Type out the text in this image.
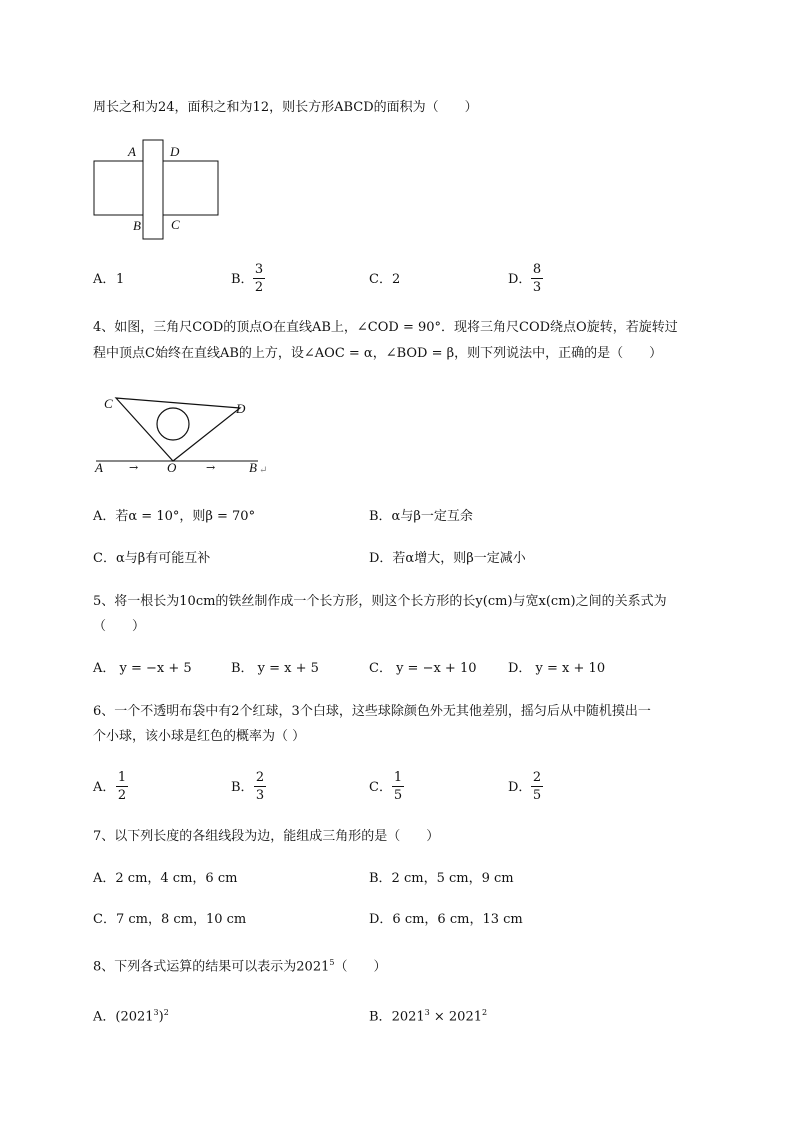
周长之和为24，面积之和为12，则长方形ABCD的面积为（　　）
A	D
B C
A． 1	B．
3
2
C． 2	D．
8
3
4、如图，三角尺COD的顶点O在直线AB上，∠COD = 90°．现将三角尺COD绕点O旋转，若旋转过
程中顶点C始终在直线AB的上方，设∠AOC = α，∠BOD = β，则下列说法中，正确的是（　　）
C	D
A → O	→	B ↵
A．若α = 10°，则β = 70°	B．α与β一定互余
C．α与β有可能互补	D．若α增大，则β一定减小
5、将一根长为10cm的铁丝制作成一个长方形，则这个长方形的长y(cm)与宽x(cm)之间的关系式为
（　　）
A． y = −x + 5	B． y = x + 5	C． y = −x + 10 D． y = x + 10
6、一个不透明布袋中有2个红球，3个白球，这些球除颜色外无其他差别，摇匀后从中随机摸出一
个小球，该小球是红色的概率为（ ）
A．
1
2
B．
2
3
C．
1
5
D．
2
5
7、以下列长度的各组线段为边，能组成三角形的是（　　）
A．2 cm，4 cm，6 cm	B．2 cm，5 cm，9 cm
C．7 cm，8 cm，10 cm	D．6 cm，6 cm，13 cm
8、下列各式运算的结果可以表示为2021$^5$（　　）
A．$(2021^3)^2$	B．$2021^3 \times 2021^2$
